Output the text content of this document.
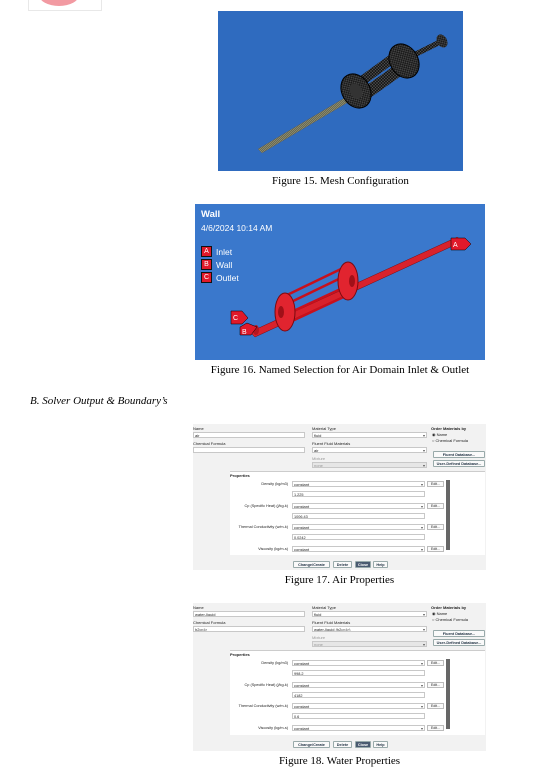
Figure 15. Mesh Configuration
Wall
4/6/2024 10:14 AM
A Inlet
B Wall
C Outlet
A
B
C
Figure 16. Named Selection for Air Domain Inlet & Outlet
B. Solver Output & Boundary’s
Name
air
Chemical Formula
Material Type
fluid ▾
Fluent Fluid Materials
air ▾
Mixture
none ▾
Order Materials by
◉ Name
○ Chemical Formula
Fluent Database...
User-Defined Database...
Properties
Density (kg/m3)	constant ▾	Edit...
1.225
Cp (Specific Heat) (j/kg-k)	constant ▾	Edit...
1006.43
Thermal Conductivity (w/m-k)	constant ▾	Edit...
0.0242
Viscosity (kg/m-s)	constant ▾	Edit...
Change/Create	Delete	Close	Help
Figure 17. Air Properties
Name
water-liquid
Chemical Formula
h2o<l>
Material Type
fluid ▾
Fluent Fluid Materials
water-liquid (h2o<l>) ▾
Mixture
none ▾
Order Materials by
◉ Name
○ Chemical Formula
Fluent Database...
User-Defined Database...
Properties
Density (kg/m3)	constant ▾	Edit...
998.2
Cp (Specific Heat) (j/kg-k)	constant ▾	Edit...
4182
Thermal Conductivity (w/m-k)	constant ▾	Edit...
0.6
Viscosity (kg/m-s)	constant ▾	Edit...
Change/Create	Delete	Close	Help
Figure 18. Water Properties
